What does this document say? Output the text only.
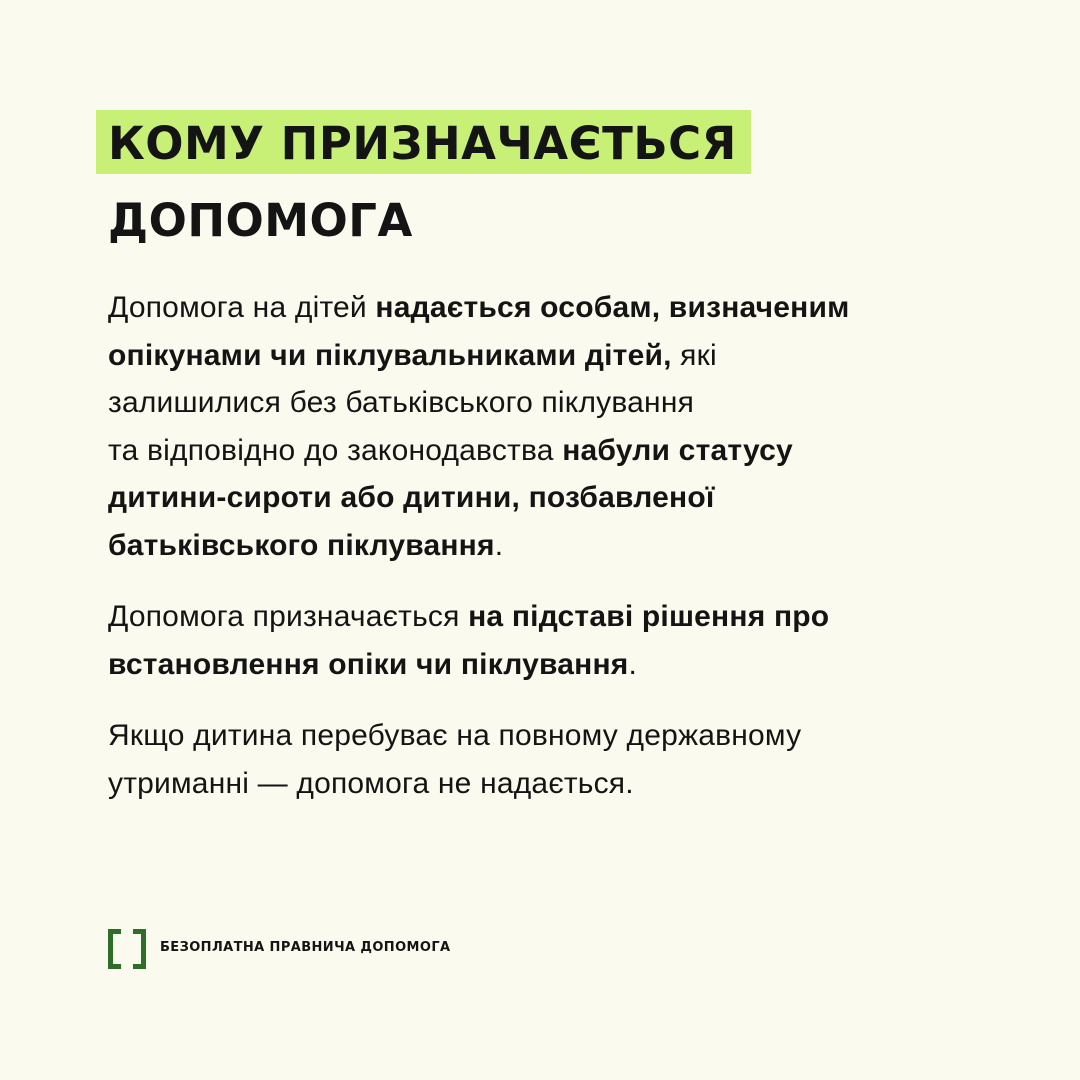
КОМУ ПРИЗНАЧАЄТЬСЯ
ДОПОМОГА

Допомога на дітей надається особам, визначеним
опікунами чи піклувальниками дітей, які
залишилися без батьківського піклування
та відповідно до законодавства набули статусу
дитини-сироти або дитини, позбавленої
батьківського піклування.

Допомога призначається на підставі рішення про
встановлення опіки чи піклування.

Якщо дитина перебуває на повному державному
утриманні — допомога не надається.

БЕЗОПЛАТНА ПРАВНИЧА ДОПОМОГА
